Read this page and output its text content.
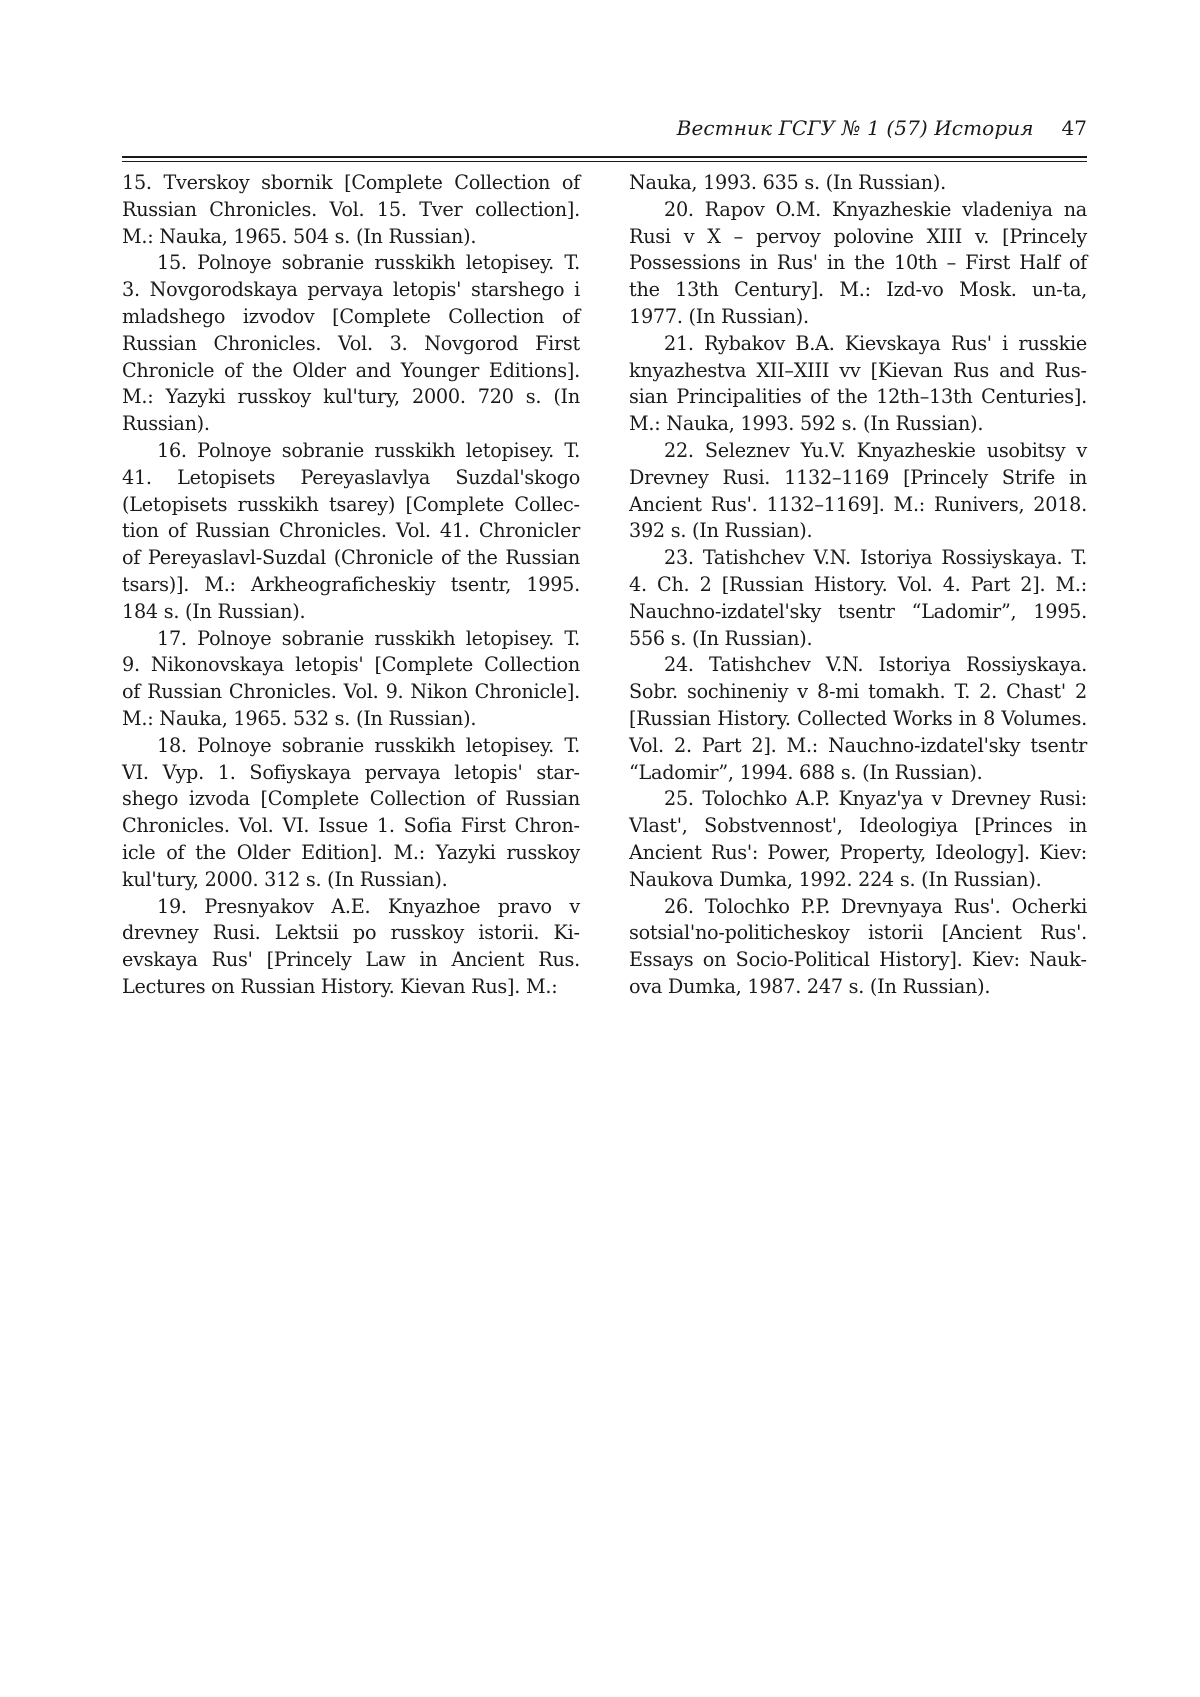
Вестник ГСГУ № 1 (57) История 47

15. Tverskoy sbornik [Complete Collection of Russian Chronicles. Vol. 15. Tver collection]. M.: Nauka, 1965. 504 s. (In Russian).

15. Polnoye sobranie russkikh letopisey. T. 3. Novgorodskaya pervaya letopis' starshego i mladshego izvodov [Complete Collection of Russian Chronicles. Vol. 3. Novgorod First Chronicle of the Older and Younger Editions]. M.: Yazyki russkoy kul'tury, 2000. 720 s. (In Russian).

16. Polnoye sobranie russkikh letopisey. T. 41. Letopisets Pereyaslavlya Suzdal'skogo (Letopisets russkikh tsarey) [Complete Collection of Russian Chronicles. Vol. 41. Chronicler of Pereyaslavl-Suzdal (Chronicle of the Russian tsars)]. M.: Arkheograficheskiy tsentr, 1995. 184 s. (In Russian).

17. Polnoye sobranie russkikh letopisey. T. 9. Nikonovskaya letopis' [Complete Collection of Russian Chronicles. Vol. 9. Nikon Chronicle]. M.: Nauka, 1965. 532 s. (In Russian).

18. Polnoye sobranie russkikh letopisey. T. VI. Vyp. 1. Sofiyskaya pervaya letopis' starshego izvoda [Complete Collection of Russian Chronicles. Vol. VI. Issue 1. Sofia First Chronicle of the Older Edition]. M.: Yazyki russkoy kul'tury, 2000. 312 s. (In Russian).

19. Presnyakov A.E. Knyazhoe pravo v drevney Rusi. Lektsii po russkoy istorii. Kievskaya Rus' [Princely Law in Ancient Rus. Lectures on Russian History. Kievan Rus]. M.:

Nauka, 1993. 635 s. (In Russian).

20. Rapov O.M. Knyazheskie vladeniya na Rusi v X – pervoy polovine XIII v. [Princely Possessions in Rus' in the 10th – First Half of the 13th Century]. M.: Izd-vo Mosk. un-ta, 1977. (In Russian).

21. Rybakov B.A. Kievskaya Rus' i russkie knyazhestva XII–XIII vv [Kievan Rus and Russian Principalities of the 12th–13th Centuries]. M.: Nauka, 1993. 592 s. (In Russian).

22. Seleznev Yu.V. Knyazheskie usobitsy v Drevney Rusi. 1132–1169 [Princely Strife in Ancient Rus'. 1132–1169]. M.: Runivers, 2018. 392 s. (In Russian).

23. Tatishchev V.N. Istoriya Rossiyskaya. T. 4. Ch. 2 [Russian History. Vol. 4. Part 2]. M.: Nauchno-izdatel'sky tsentr “Ladomir”, 1995. 556 s. (In Russian).

24. Tatishchev V.N. Istoriya Rossiyskaya. Sobr. sochineniy v 8-mi tomakh. T. 2. Chast' 2 [Russian History. Collected Works in 8 Volumes. Vol. 2. Part 2]. M.: Nauchno-izdatel'sky tsentr “Ladomir”, 1994. 688 s. (In Russian).

25. Tolochko A.P. Knyaz'ya v Drevney Rusi: Vlast', Sobstvennost', Ideologiya [Princes in Ancient Rus': Power, Property, Ideology]. Kiev: Naukova Dumka, 1992. 224 s. (In Russian).

26. Tolochko P.P. Drevnyaya Rus'. Ocherki sotsial'no-politicheskoy istorii [Ancient Rus'. Essays on Socio-Political History]. Kiev: Naukova Dumka, 1987. 247 s. (In Russian).
